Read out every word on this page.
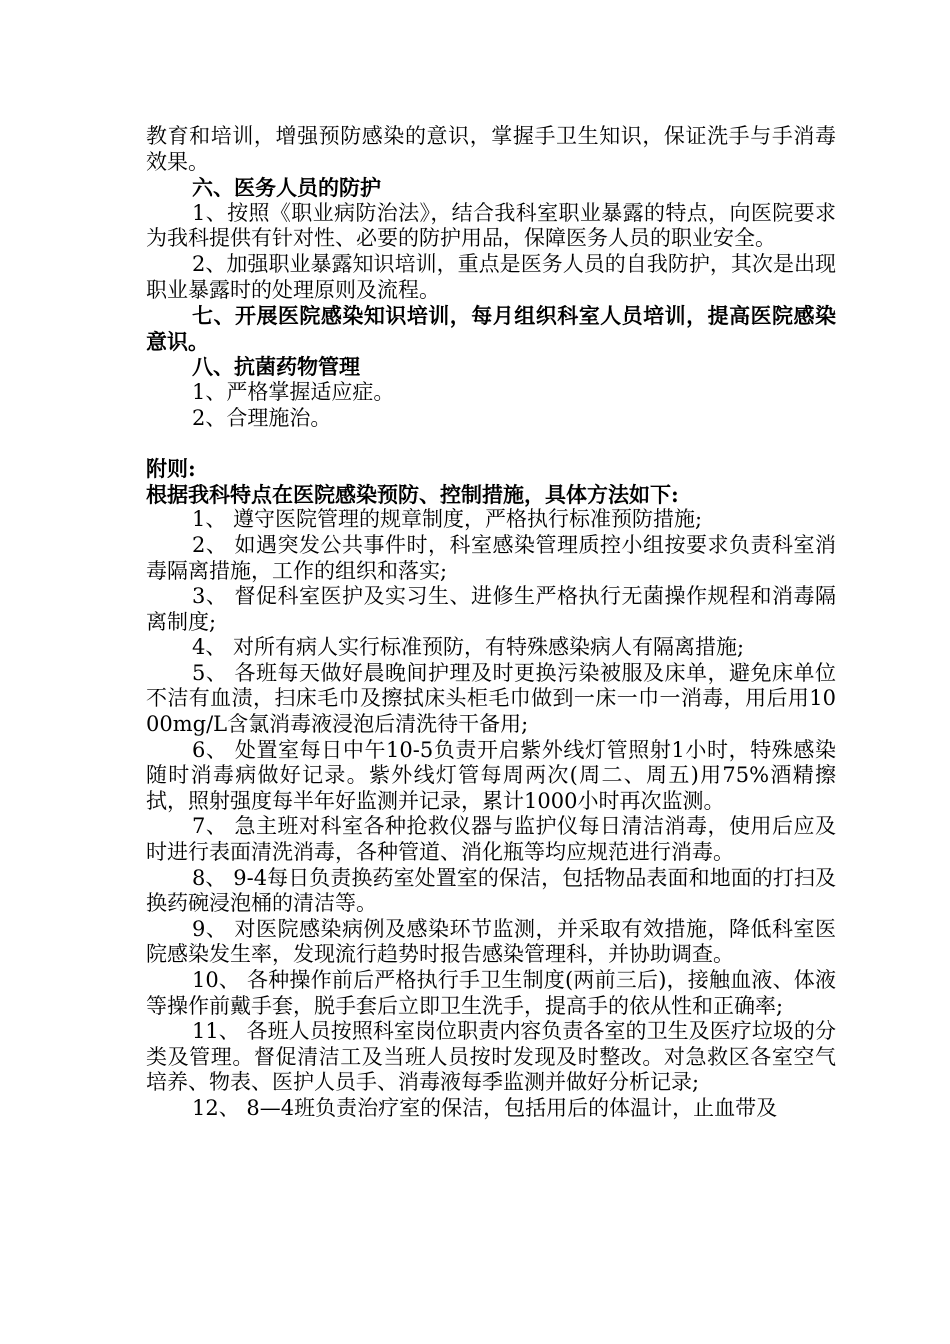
教育和培训，增强预防感染的意识，掌握手卫生知识，保证洗手与手消毒效果。
六、医务人员的防护
1、按照《职业病防治法》，结合我科室职业暴露的特点，向医院要求为我科提供有针对性、必要的防护用品，保障医务人员的职业安全。
2、加强职业暴露知识培训，重点是医务人员的自我防护，其次是出现职业暴露时的处理原则及流程。
七、开展医院感染知识培训，每月组织科室人员培训，提高医院感染意识。
八、抗菌药物管理
1、严格掌握适应症。
2、合理施治。
附则:
根据我科特点在医院感染预防、控制措施，具体方法如下:
1、 遵守医院管理的规章制度，严格执行标准预防措施;
2、 如遇突发公共事件时，科室感染管理质控小组按要求负责科室消毒隔离措施，工作的组织和落实;
3、 督促科室医护及实习生、进修生严格执行无菌操作规程和消毒隔离制度;
4、 对所有病人实行标准预防，有特殊感染病人有隔离措施;
5、 各班每天做好晨晚间护理及时更换污染被服及床单，避免床单位不洁有血渍，扫床毛巾及擦拭床头柜毛巾做到一床一巾一消毒，用后用1000mg/L含氯消毒液浸泡后清洗待干备用;
6、 处置室每日中午10-5负责开启紫外线灯管照射1小时，特殊感染随时消毒病做好记录。紫外线灯管每周两次(周二、周五)用75%酒精擦拭，照射强度每半年好监测并记录，累计1000小时再次监测。
7、 急主班对科室各种抢救仪器与监护仪每日清洁消毒，使用后应及时进行表面清洗消毒，各种管道、消化瓶等均应规范进行消毒。
8、 9-4每日负责换药室处置室的保洁，包括物品表面和地面的打扫及换药碗浸泡桶的清洁等。
9、 对医院感染病例及感染环节监测，并采取有效措施，降低科室医院感染发生率，发现流行趋势时报告感染管理科，并协助调查。
10、 各种操作前后严格执行手卫生制度(两前三后)，接触血液、体液等操作前戴手套，脱手套后立即卫生洗手，提高手的依从性和正确率;
11、 各班人员按照科室岗位职责内容负责各室的卫生及医疗垃圾的分类及管理。督促清洁工及当班人员按时发现及时整改。对急救区各室空气培养、物表、医护人员手、消毒液每季监测并做好分析记录;
12、 8—4班负责治疗室的保洁，包括用后的体温计，止血带及
